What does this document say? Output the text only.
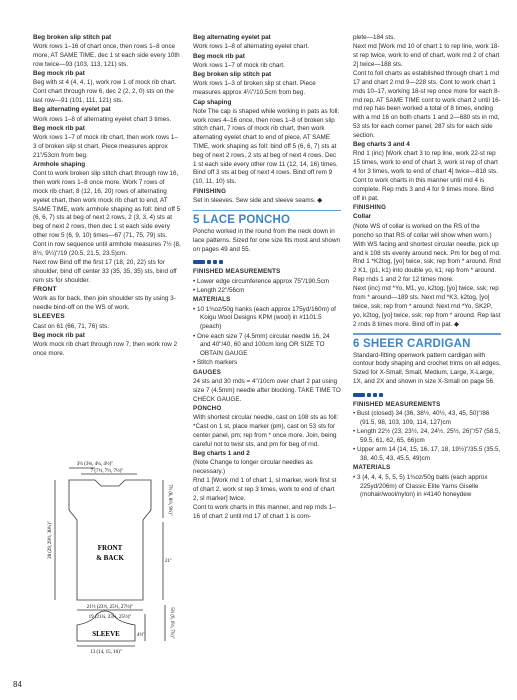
Beg broken slip stitch pat

Work rows 1–16 of chart once, then rows 1–8 once more, AT SAME TIME, dec 1 st each side every 10th row twice—93 (103, 113, 121) sts.

Beg mock rib pat

Beg with st 4 (4, 4, 1), work row 1 of mock rib chart. Cont chart through row 6, dec 2 (2, 2, 0) sts on the last row—91 (101, 111, 121) sts.

Beg alternating eyelet pat

Work rows 1–8 of alternating eyelet chart 3 times.

Beg mock rib pat

Work rows 1–7 of mock rib chart, then work rows 1–3 of broken slip st chart. Piece measures approx 21"/53cm from beg.

Armhole shaping

Cont to work broken slip stitch chart through row 16, then work rows 1–8 once more. Work 7 rows of mock rib chart, 8 (12, 16, 20) rows of alternating eyelet chart, then work mock rib chart to end, AT SAME TIME, work armhole shaping as foll: bind off 5 (6, 6, 7) sts at beg of next 2 rows, 2 (3, 3, 4) sts at beg of next 2 rows, then dec 1 st each side every other row 5 (6, 9, 10) times—67 (71, 75, 79) sts. Cont in row sequence until armhole measures 7½ (8, 8½, 9¼)"/19 (20.5, 21.5, 23.5)cm.

Next row Bind off the first 17 (18, 20, 22) sts for shoulder, bind off center 33 (35, 35, 35) sts, bind off rem sts for shoulder.

FRONT

Work as for back, then join shoulder sts by using 3-needle bind-off on the WS of work.

SLEEVES

Cast on 61 (66, 71, 76) sts.

Beg mock rib pat

Work mock rib chart through row 7, then work row 2 once more.

3½ (3¾, 4¼, 4½)"
7 (7½, 7½, 7½)"
FRONT
& BACK
28 (29, 29½, 30¼)"
7½ (8, 8½, 9¼)"
21"
21½ (23½, 25½, 27½)"
19 (21¼, 23¼, 25½)"
SLEEVE	4½"	5½ (6, 6½, 7¼)"
13 (14, 15, 16)"

Beg alternating eyelet pat

Work rows 1–8 of alternating eyelet chart.

Beg mock rib pat

Work rows 1–7 of mock rib chart.

Beg broken slip stitch pat

Work rows 1–3 of broken slip st chart. Piece measures approx 4¼"/10.5cm from beg.

Cap shaping

Note The cap is shaped while working in pats as foll: work rows 4–16 once, then rows 1–8 of broken slip stitch chart, 7 rows of mock rib chart, then work alternating eyelet chart to end of piece, AT SAME TIME, work shaping as foll: bind off 5 (6, 6, 7) sts at beg of next 2 rows, 2 sts at beg of next 4 rows. Dec 1 st each side every other row 11 (12, 14, 16) times. Bind off 3 sts at beg of next 4 rows. Bind off rem 9 (10, 11, 10) sts.

FINISHING

Set in sleeves. Sew side and sleeve seams. ◆

5 LACE PONCHO

Poncho worked in the round from the neck down in lace patterns. Sized for one size fits most and shown on pages 49 and 55.

FINISHED MEASUREMENTS

• Lower edge circumference approx 75"/190.5cm

• Length 22"/56cm

MATERIALS

• 10 1¾oz/50g hanks (each approx 175yd/160m) of Koigu Wool Designs KPM (wool) in #1101.5 (peach)

• One each size 7 (4.5mm) circular needle 16, 24 and 40"/40, 60 and 100cm long OR SIZE TO OBTAIN GAUGE

• Stitch markers

GAUGES

24 sts and 30 rnds = 4"/10cm over chart 2 pat using size 7 (4.5mm) needle after blocking. TAKE TIME TO CHECK GAUGE.

PONCHO

With shortest circular needle, cast on 108 sts as foll: *Cast on 1 st, place marker (pm), cast on 53 sts for center panel, pm; rep from * once more. Join, being careful not to twist sts, and pm for beg of rnd.

Beg charts 1 and 2

(Note Change to longer circular needles as necessary.)

Rnd 1 [Work rnd 1 of chart 1, sl marker, work first st of chart 2, work st rep 3 times, work to end of chart 2, sl marker] twice.

Cont to work charts in this manner, and rep rnds 1–16 of chart 2 until rnd 17 of chart 1 is com-

plete—184 sts.

Next rnd [Work rnd 10 of chart 1 to rep line, work 18-st rep twice, work to end of chart, work rnd 2 of chart 2] twice—188 sts.

Cont to foll charts as established through chart 1 rnd 17 and chart 2 rnd 9—228 sts. Cont to work chart 1 rnds 10–17, working 18-st rep once more for each 8-rnd rep, AT SAME TIME cont to work chart 2 until 16-rnd rep has been worked a total of 8 times, ending with a rnd 16 on both charts 1 and 2—680 sts in rnd, 53 sts for each corner panel, 287 sts for each side section.

Beg charts 3 and 4

Rnd 1 (inc) [Work chart 3 to rep line, work 22-st rep 15 times, work to end of chart 3, work st rep of chart 4 for 3 times, work to end of chart 4] twice—818 sts.

Cont to work charts in this manner until rnd 4 is complete. Rep rnds 3 and 4 for 9 times more. Bind off in pat.

FINISHING

Collar

(Note WS of collar is worked on the RS of the poncho so that RS of collar will show when worn.)

With WS facing and shortest circular needle, pick up and k 108 sts evenly around neck. Pm for beg of rnd. Rnd 1 *K2tog, [yo] twice, ssk; rep from * around. Rnd 2 K1, (p1, k1) into double yo, k1; rep from * around. Rep rnds 1 and 2 for 12 times more.

Next (inc) rnd *Yo, M1, yo, k2tog, [yo] twice, ssk; rep from * around—189 sts. Next rnd *K3, k2tog, [yo] twice, ssk; rep from * around. Next rnd *Yo, SK2P, yo, k2tog, [yo] twice, ssk; rep from * around. Rep last 2 rnds 8 times more. Bind off in pat. ◆

6 SHEER CARDIGAN

Standard-fitting openwork pattern cardigan with contour body shaping and crochet trims on all edges. Sized for X-Small, Small, Medium, Large, X-Large, 1X, and 2X and shown in size X-Small on page 56.

FINISHED MEASUREMENTS

• Bust (closed) 34 (36, 38½, 40½, 43, 45, 50)"/86 (91.5, 98, 103, 109, 114, 127)cm

• Length 22½ (23, 23½, 24, 24½, 25½, 26)"/57 (58.5, 59.5, 61, 62, 65, 66)cm

• Upper arm 14 (14, 15, 16, 17, 18, 19½)"/35.5 (35.5, 38, 40.5, 43, 45.5, 49)cm

MATERIALS

• 3 (4, 4, 4, 5, 5, 5) 1¾oz/50g balls (each approx 225yd/206m) of Classic Elite Yarns Giselle (mohair/wool/nylon) in #4140 honeydew

84
